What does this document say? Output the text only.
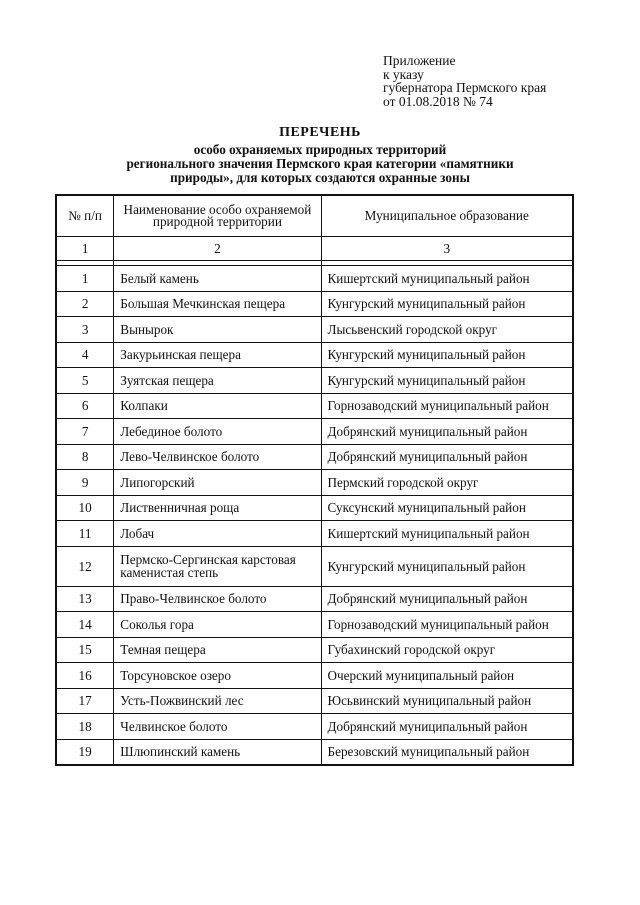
Приложение
к указу
губернатора Пермского края
от 01.08.2018 № 74
ПЕРЕЧЕНЬ
особо охраняемых природных территорий
регионального значения Пермского края категории «памятники
природы», для которых создаются охранные зоны
№ п/п	Наименование особо охраняемой природной территории	Муниципальное образование
1	2	3

1	Белый камень	Кишертский муниципальный район
2	Большая Мечкинская пещера	Кунгурский муниципальный район
3	Вынырок	Лысьвенский городской округ
4	Закурьинская пещера	Кунгурский муниципальный район
5	Зуятская пещера	Кунгурский муниципальный район
6	Колпаки	Горнозаводский муниципальный район
7	Лебединое болото	Добрянский муниципальный район
8	Лево-Челвинское болото	Добрянский муниципальный район
9	Липогорский	Пермский городской округ
10	Лиственничная роща	Суксунский муниципальный район
11	Лобач	Кишертский муниципальный район
12	Пермско-Сергинская карстовая каменистая степь	Кунгурский муниципальный район
13	Право-Челвинское болото	Добрянский муниципальный район
14	Соколья гора	Горнозаводский муниципальный район
15	Темная пещера	Губахинский городской округ
16	Торсуновское озеро	Очерский муниципальный район
17	Усть-Пожвинский лес	Юсьвинский муниципальный район
18	Челвинское болото	Добрянский муниципальный район
19	Шлюпинский камень	Березовский муниципальный район
